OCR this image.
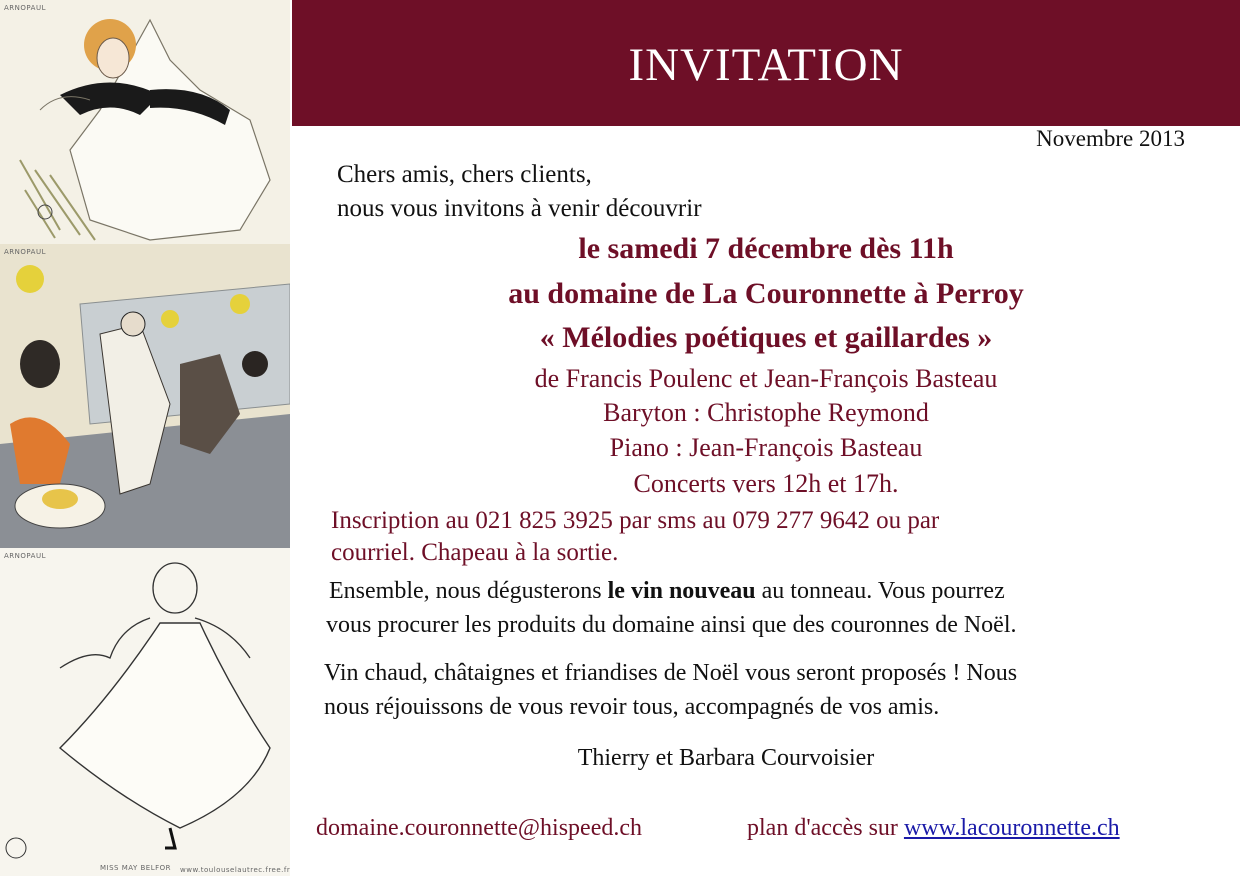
ARNOPAUL
ARNOPAUL
ARNOPAUL
MISS MAY BELFOR www.toulouselautrec.free.fr
INVITATION
Novembre 2013
Chers amis, chers clients,
nous vous invitons à venir découvrir
le samedi 7 décembre dès 11h
au domaine de La Couronnette à Perroy
« Mélodies poétiques et gaillardes »
de Francis Poulenc et Jean-François Basteau
Baryton : Christophe Reymond
Piano : Jean-François Basteau
Concerts vers 12h et 17h.
Inscription au 021 825 3925 par sms au 079 277 9642 ou par
courriel. Chapeau à la sortie.
Ensemble, nous dégusterons le vin nouveau au tonneau. Vous pourrez
vous procurer les produits du domaine ainsi que des couronnes de Noël.
Vin chaud, châtaignes et friandises de Noël vous seront proposés ! Nous
nous réjouissons de vous revoir tous, accompagnés de vos amis.
Thierry et Barbara Courvoisier
domaine.couronnette@hispeed.ch	plan d'accès sur www.lacouronnette.ch
